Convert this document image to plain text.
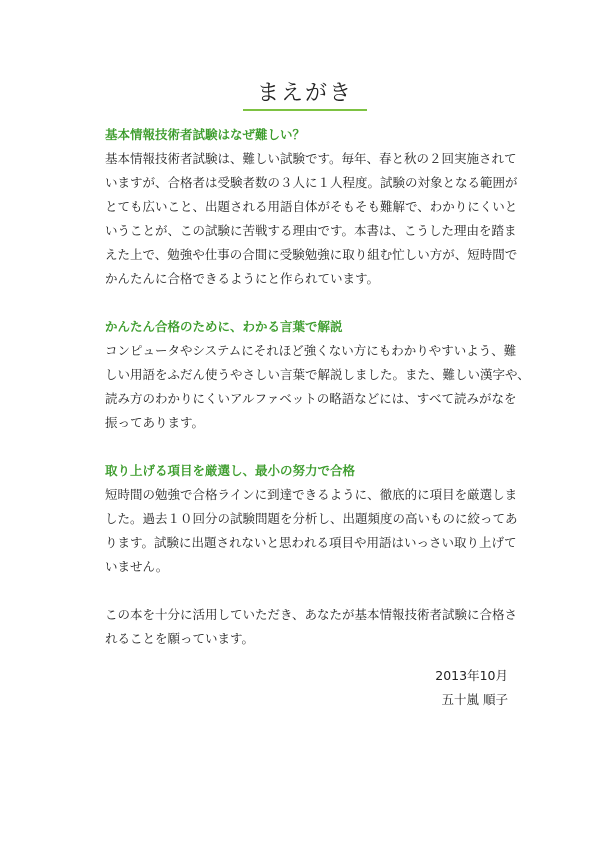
まえがき

基本情報技術者試験はなぜ難しい？

基本情報技術者試験は、難しい試験です。毎年、春と秋の２回実施されて
いますが、合格者は受験者数の３人に１人程度。試験の対象となる範囲が
とても広いこと、出題される用語自体がそもそも難解で、わかりにくいと
いうことが、この試験に苦戦する理由です。本書は、こうした理由を踏ま
えた上で、勉強や仕事の合間に受験勉強に取り組む忙しい方が、短時間で
かんたんに合格できるようにと作られています。

かんたん合格のために、わかる言葉で解説

コンピュータやシステムにそれほど強くない方にもわかりやすいよう、難
しい用語をふだん使うやさしい言葉で解説しました。また、難しい漢字や、
読み方のわかりにくいアルファベットの略語などには、すべて読みがなを
振ってあります。

取り上げる項目を厳選し、最小の努力で合格

短時間の勉強で合格ラインに到達できるように、徹底的に項目を厳選しま
した。過去１０回分の試験問題を分析し、出題頻度の高いものに絞ってあ
ります。試験に出題されないと思われる項目や用語はいっさい取り上げて
いません。

この本を十分に活用していただき、あなたが基本情報技術者試験に合格さ
れることを願っています。

2013年10月
五十嵐 順子
